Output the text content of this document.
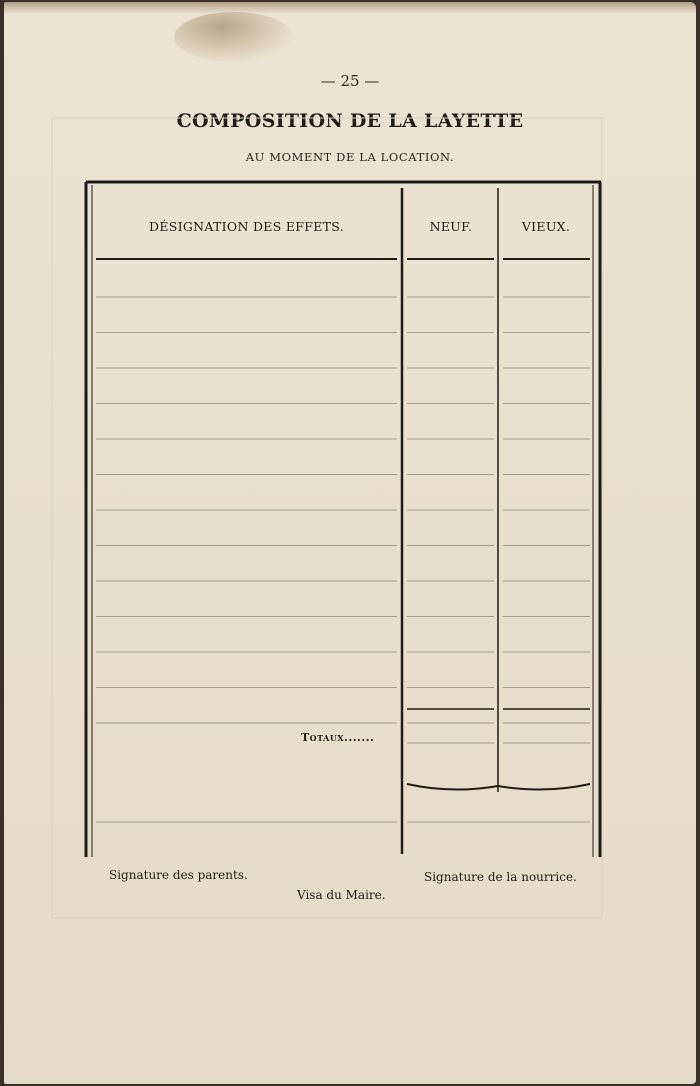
— 25 —
COMPOSITION DE LA LAYETTE
AU MOMENT DE LA LOCATION.
DÉSIGNATION DES EFFETS.	NEUF.	VIEUX.
Totaux.......
Signature des parents.	Signature de la nourrice.
Visa du Maire.
